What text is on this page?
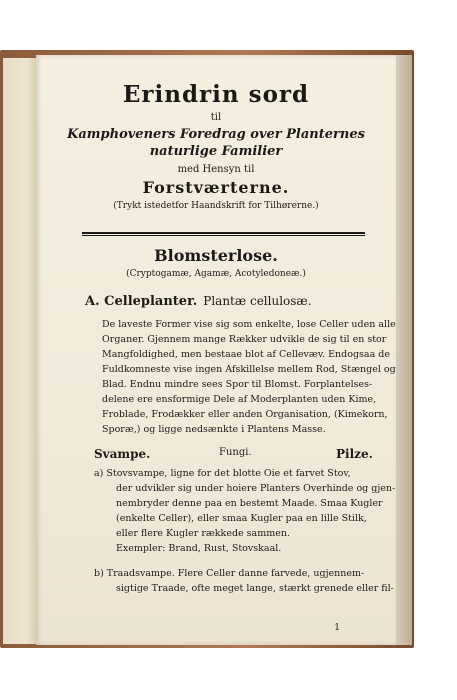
Erindrin sord
til
Kamphoveners Foredrag over Planternes
naturlige Familier
med Hensyn til
Forstværterne.
(Trykt istedetfor Haandskrift for Tilhørerne.)
Blomsterlose.
(Cryptogamæ, Agamæ, Acotyledoneæ.)
A. Celleplanter. Plantæ cellulosæ.
De laveste Former vise sig som enkelte, lose Celler uden alle
Organer. Gjennem mange Rækker udvikle de sig til en stor
Mangfoldighed, men bestaae blot af Cellevæv. Endogsaa de
Fuldkomneste vise ingen Afskillelse mellem Rod, Stængel og
Blad. Endnu mindre sees Spor til Blomst. Forplantelses-
delene ere ensformige Dele af Moderplanten uden Kime,
Froblade, Frodækker eller anden Organisation, (Kimekorn,
Sporæ,) og ligge nedsænkte i Plantens Masse.
Svampe.	Fungi.	Pilze.
a) Stovsvampe, ligne for det blotte Oie et farvet Stov,
der udvikler sig under hoiere Planters Overhinde og gjen-
nembryder denne paa en bestemt Maade. Smaa Kugler
(enkelte Celler), eller smaa Kugler paa en lille Stilk,
eller flere Kugler rækkede sammen.
Exempler: Brand, Rust, Stovskaal.
b) Traadsvampe. Flere Celler danne farvede, ugjennem-
sigtige Traade, ofte meget lange, stærkt grenede eller fil-
1
